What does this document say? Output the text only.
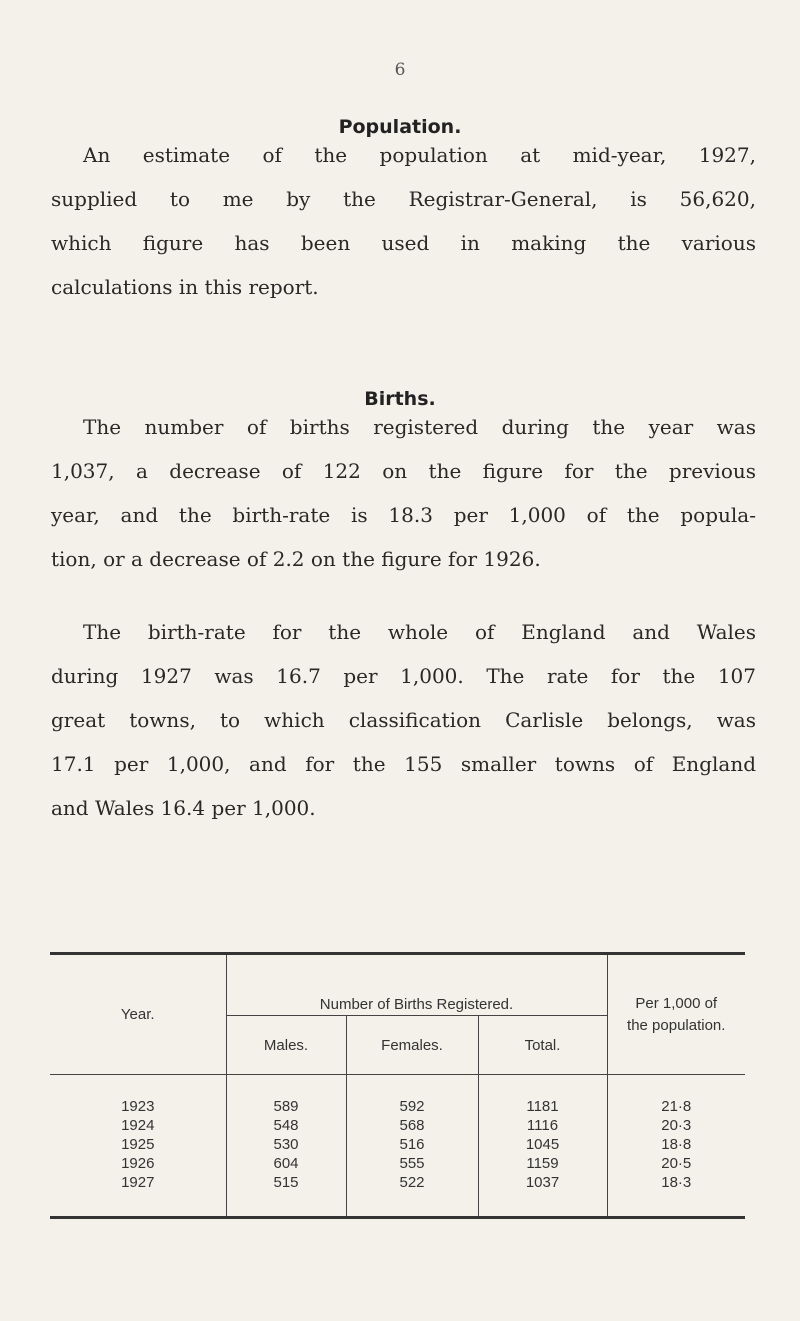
6
Population.
An estimate of the population at mid-year, 1927,
supplied to me by the Registrar-General, is 56,620,
which figure has been used in making the various
calculations in this report.
Births.
The number of births registered during the year was
1,037, a decrease of 122 on the figure for the previous
year, and the birth-rate is 18.3 per 1,000 of the popula-
tion, or a decrease of 2.2 on the figure for 1926.
The birth-rate for the whole of England and Wales
during 1927 was 16.7 per 1,000. The rate for the 107
great towns, to which classification Carlisle belongs, was
17.1 per 1,000, and for the 155 smaller towns of England
and Wales 16.4 per 1,000.

Year.	Number of Births Registered.			Per 1,000 of
the population.
	Males.	Females.	Total.	
1923	589	592	1181	21·8
1924	548	568	1116	20·3
1925	530	516	1045	18·8
1926	604	555	1159	20·5
1927	515	522	1037	18·3
